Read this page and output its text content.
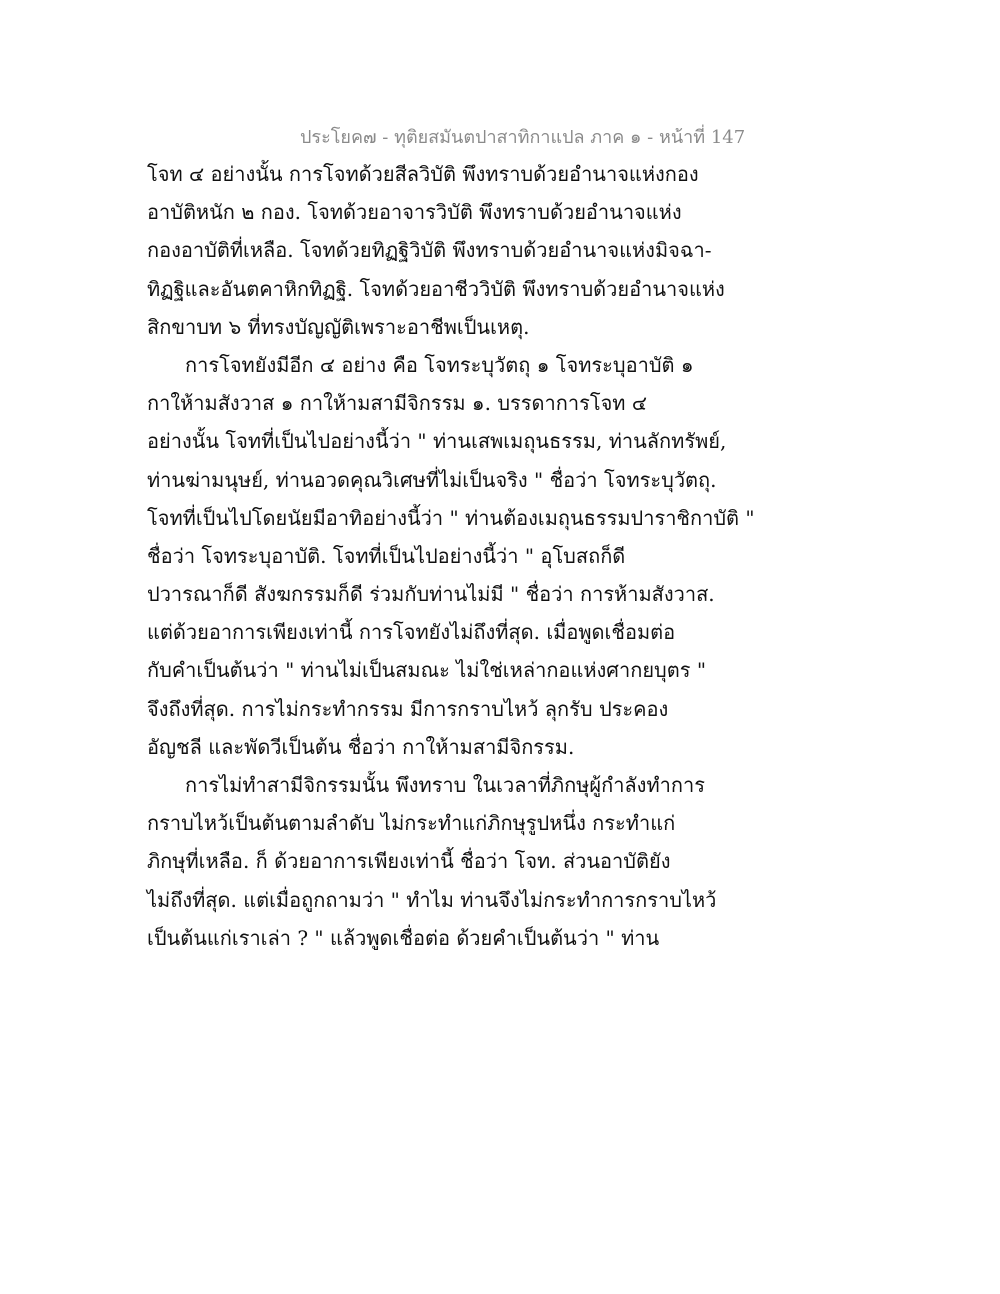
ประโยค๗ - ทุติยสมันตปาสาทิกาแปล ภาค ๑ - หน้าที่ 147
โจท ๔ อย่างนั้น การโจทด้วยสีลวิบัติ พึงทราบด้วยอำนาจแห่งกอง
อาบัติหนัก ๒ กอง. โจทด้วยอาจารวิบัติ พึงทราบด้วยอำนาจแห่ง
กองอาบัติที่เหลือ. โจทด้วยทิฏฐิวิบัติ พึงทราบด้วยอำนาจแห่งมิจฉา-
ทิฏฐิและอันตคาหิกทิฏฐิ. โจทด้วยอาชีววิบัติ พึงทราบด้วยอำนาจแห่ง
สิกขาบท ๖ ที่ทรงบัญญัติเพราะอาชีพเป็นเหตุ.
การโจทยังมีอีก ๔ อย่าง คือ โจทระบุวัตถุ ๑ โจทระบุอาบัติ ๑
กาให้ามสังวาส ๑ กาให้ามสามีจิกรรม ๑. บรรดาการโจท ๔
อย่างนั้น โจทที่เป็นไปอย่างนี้ว่า " ท่านเสพเมถุนธรรม, ท่านลักทรัพย์,
ท่านฆ่ามนุษย์, ท่านอวดคุณวิเศษที่ไม่เป็นจริง " ชื่อว่า โจทระบุวัตถุ.
โจทที่เป็นไปโดยนัยมีอาทิอย่างนี้ว่า " ท่านต้องเมถุนธรรมปาราชิกาบัติ "
ชื่อว่า โจทระบุอาบัติ. โจทที่เป็นไปอย่างนี้ว่า " อุโบสถก็ดี
ปวารณาก็ดี สังฆกรรมก็ดี ร่วมกับท่านไม่มี " ชื่อว่า การห้ามสังวาส.
แต่ด้วยอาการเพียงเท่านี้ การโจทยังไม่ถึงที่สุด. เมื่อพูดเชื่อมต่อ
กับคำเป็นต้นว่า " ท่านไม่เป็นสมณะ ไม่ใช่เหล่ากอแห่งศากยบุตร "
จึงถึงที่สุด. การไม่กระทำกรรม มีการกราบไหว้ ลุกรับ ประคอง
อัญชลี และพัดวีเป็นต้น ชื่อว่า กาให้ามสามีจิกรรม.
การไม่ทำสามีจิกรรมนั้น พึงทราบ ในเวลาที่ภิกษุผู้กำลังทำการ
กราบไหว้เป็นต้นตามลำดับ ไม่กระทำแก่ภิกษุรูปหนึ่ง กระทำแก่
ภิกษุที่เหลือ. ก็ ด้วยอาการเพียงเท่านี้ ชื่อว่า โจท. ส่วนอาบัติยัง
ไม่ถึงที่สุด. แต่เมื่อถูกถามว่า " ทำไม ท่านจึงไม่กระทำการกราบไหว้
เป็นต้นแก่เราเล่า ? " แล้วพูดเชื่อต่อ ด้วยคำเป็นต้นว่า " ท่าน
